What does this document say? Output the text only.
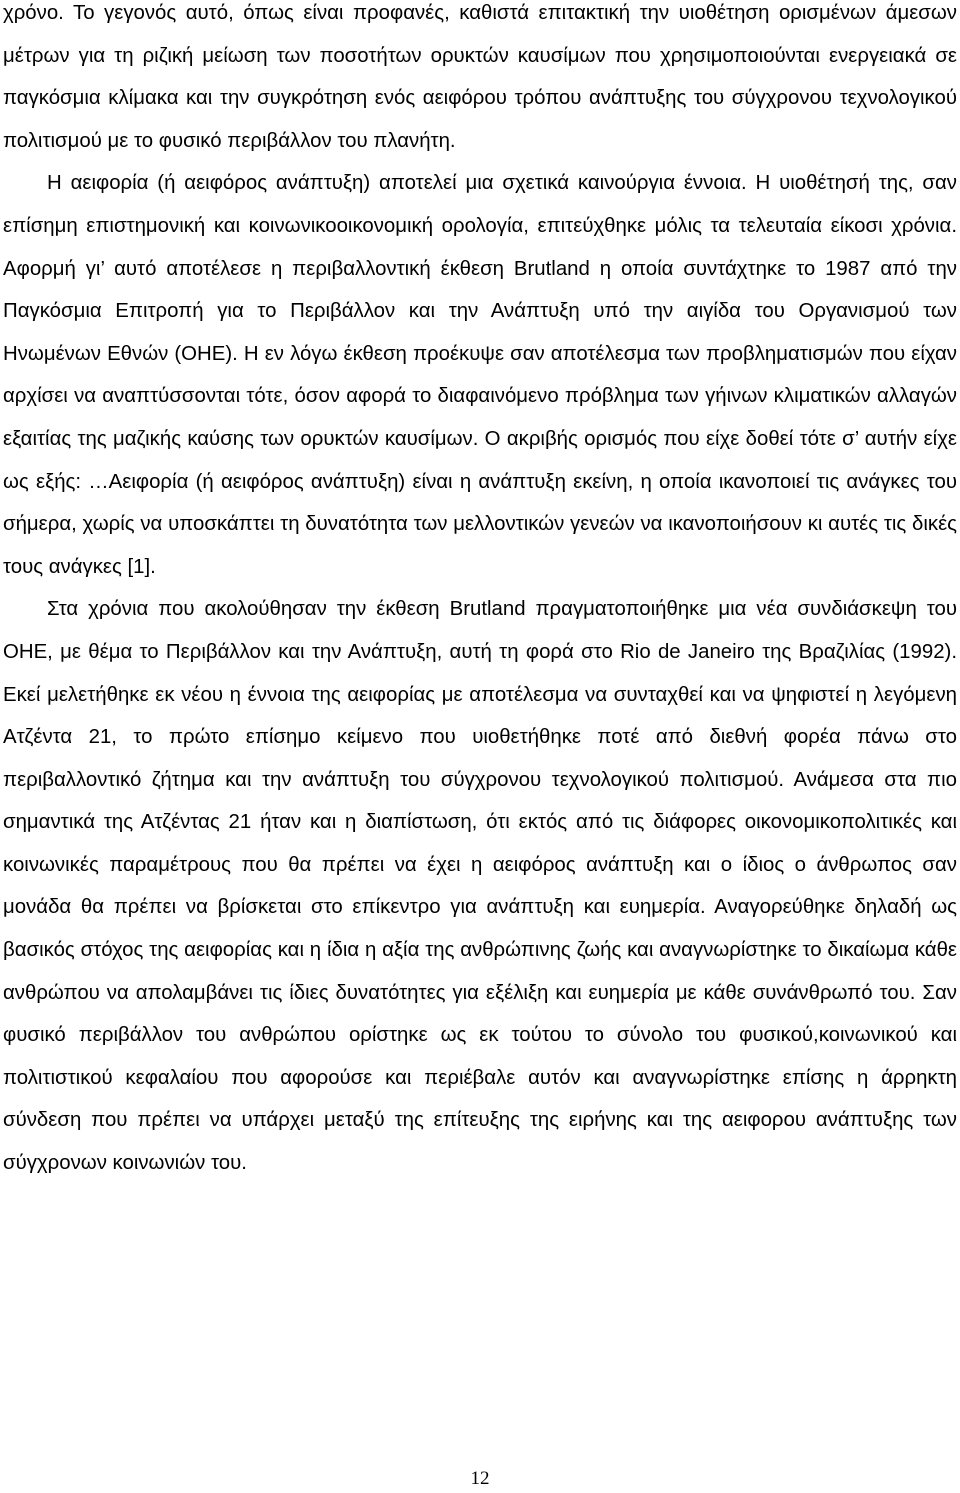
χρόνο. Το γεγονός αυτό, όπως είναι προφανές, καθιστά επιτακτική την υιοθέτηση ορισμένων άμεσων μέτρων για τη ριζική μείωση των ποσοτήτων ορυκτών καυσίμων που χρησιμοποιούνται ενεργειακά σε παγκόσμια κλίμακα και την συγκρότηση ενός αειφόρου τρόπου ανάπτυξης του σύγχρονου τεχνολογικού πολιτισμού με το φυσικό περιβάλλον του πλανήτη.

Η αειφορία (ή αειφόρος ανάπτυξη) αποτελεί μια σχετικά καινούργια έννοια. Η υιοθέτησή της, σαν επίσημη επιστημονική και κοινωνικοοικονομική ορολογία, επιτεύχθηκε μόλις τα τελευταία είκοσι χρόνια. Αφορμή γι’ αυτό αποτέλεσε η περιβαλλοντική έκθεση Brutland η οποία συντάχτηκε το 1987 από την Παγκόσμια Επιτροπή για το Περιβάλλον και την Ανάπτυξη υπό την αιγίδα του Οργανισμού των Ηνωμένων Εθνών (ΟΗΕ). Η εν λόγω έκθεση προέκυψε σαν αποτέλεσμα των προβληματισμών που είχαν αρχίσει να αναπτύσσονται τότε, όσον αφορά το διαφαινόμενο πρόβλημα των γήινων κλιματικών αλλαγών εξαιτίας της μαζικής καύσης των ορυκτών καυσίμων. Ο ακριβής ορισμός που είχε δοθεί τότε σ’ αυτήν είχε ως εξής: …Αειφορία (ή αειφόρος ανάπτυξη) είναι η ανάπτυξη εκείνη, η οποία ικανοποιεί τις ανάγκες του σήμερα, χωρίς να υποσκάπτει τη δυνατότητα των μελλοντικών γενεών να ικανοποιήσουν κι αυτές τις δικές τους ανάγκες [1].

Στα χρόνια που ακολούθησαν την έκθεση Brutland πραγματοποιήθηκε μια νέα συνδιάσκεψη του ΟΗΕ, με θέμα το Περιβάλλον και την Ανάπτυξη, αυτή τη φορά στο Rio de Janeiro της Βραζιλίας (1992). Εκεί μελετήθηκε εκ νέου η έννοια της αειφορίας με αποτέλεσμα να συνταχθεί και να ψηφιστεί η λεγόμενη Ατζέντα 21, το πρώτο επίσημο κείμενο που υιοθετήθηκε ποτέ από διεθνή φορέα πάνω στο περιβαλλοντικό ζήτημα και την ανάπτυξη του σύγχρονου τεχνολογικού πολιτισμού. Ανάμεσα στα πιο σημαντικά της Ατζέντας 21 ήταν και η διαπίστωση, ότι εκτός από τις διάφορες οικονομικοπολιτικές και κοινωνικές παραμέτρους που θα πρέπει να έχει η αειφόρος ανάπτυξη και ο ίδιος ο άνθρωπος σαν μονάδα θα πρέπει να βρίσκεται στο επίκεντρο για ανάπτυξη και ευημερία. Αναγορεύθηκε δηλαδή ως βασικός στόχος της αειφορίας και η ίδια η αξία της ανθρώπινης ζωής και αναγνωρίστηκε το δικαίωμα κάθε ανθρώπου να απολαμβάνει τις ίδιες δυνατότητες για εξέλιξη και ευημερία με κάθε συνάνθρωπό του. Σαν φυσικό περιβάλλον του ανθρώπου ορίστηκε ως εκ τούτου το σύνολο του φυσικού,κοινωνικού και πολιτιστικού κεφαλαίου που αφορούσε και περιέβαλε αυτόν και αναγνωρίστηκε επίσης η άρρηκτη σύνδεση που πρέπει να υπάρχει μεταξύ της επίτευξης της ειρήνης και της αειφορου ανάπτυξης των σύγχρονων κοινωνιών του.

12
